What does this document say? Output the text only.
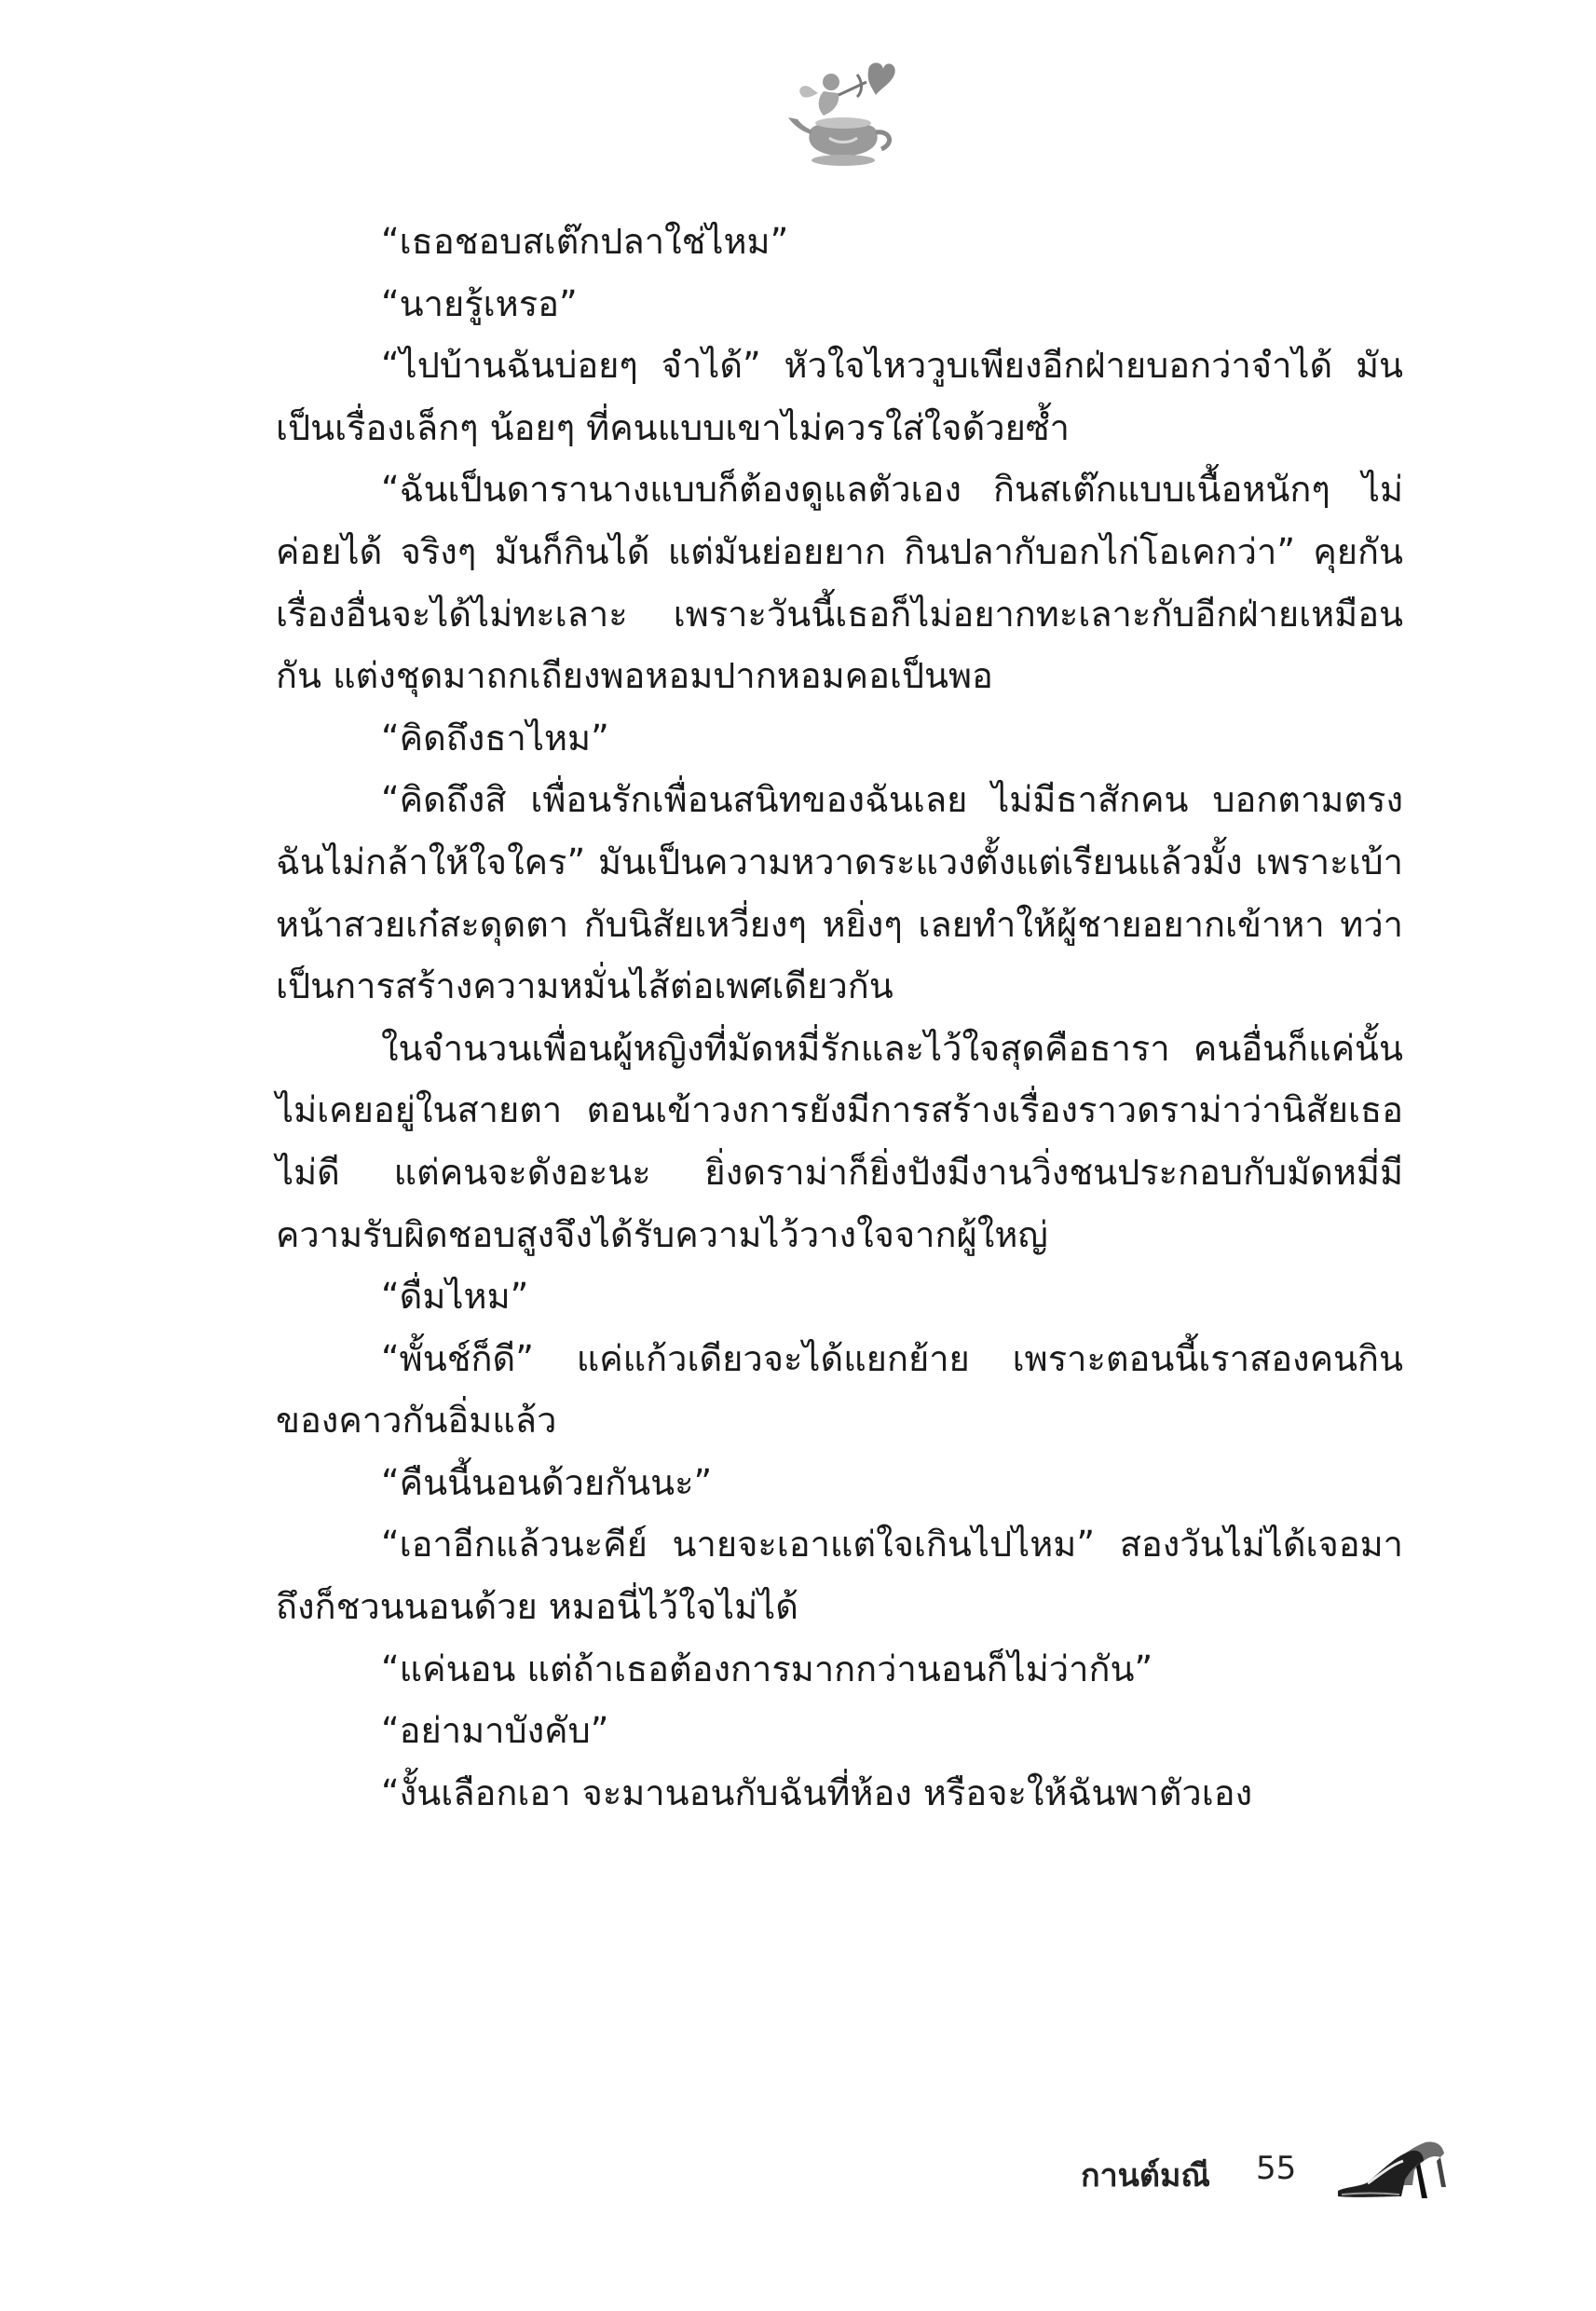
“เธอชอบสเต๊กปลาใช่ไหม”

“นายรู้เหรอ”

“ไปบ้านฉันบ่อยๆ จำได้” หัวใจไหววูบเพียงอีกฝ่ายบอกว่าจำได้ มันเป็นเรื่องเล็กๆ น้อยๆ ที่คนแบบเขาไม่ควรใส่ใจด้วยซ้ำ

“ฉันเป็นดารานางแบบก็ต้องดูแลตัวเอง กินสเต๊กแบบเนื้อหนักๆ ไม่ค่อยได้ จริงๆ มันก็กินได้ แต่มันย่อยยาก กินปลากับอกไก่โอเคกว่า” คุยกันเรื่องอื่นจะได้ไม่ทะเลาะ เพราะวันนี้เธอก็ไม่อยากทะเลาะกับอีกฝ่ายเหมือนกัน แต่งชุดมาถกเถียงพอหอมปากหอมคอเป็นพอ

“คิดถึงธาไหม”

“คิดถึงสิ เพื่อนรักเพื่อนสนิทของฉันเลย ไม่มีธาสักคน บอกตามตรงฉันไม่กล้าให้ใจใคร” มันเป็นความหวาดระแวงตั้งแต่เรียนแล้วมั้ง เพราะเบ้าหน้าสวยเก๋สะดุดตา กับนิสัยเหวี่ยงๆ หยิ่งๆ เลยทำให้ผู้ชายอยากเข้าหา ทว่าเป็นการสร้างความหมั่นไส้ต่อเพศเดียวกัน

ในจำนวนเพื่อนผู้หญิงที่มัดหมี่รักและไว้ใจสุดคือธารา คนอื่นก็แค่นั้นไม่เคยอยู่ในสายตา ตอนเข้าวงการยังมีการสร้างเรื่องราวดราม่าว่านิสัยเธอไม่ดี แต่คนจะดังอะนะ ยิ่งดราม่าก็ยิ่งปังมีงานวิ่งชนประกอบกับมัดหมี่มีความรับผิดชอบสูงจึงได้รับความไว้วางใจจากผู้ใหญ่

“ดื่มไหม”

“พั้นช์ก็ดี” แค่แก้วเดียวจะได้แยกย้าย เพราะตอนนี้เราสองคนกินของคาวกันอิ่มแล้ว

“คืนนี้นอนด้วยกันนะ”

“เอาอีกแล้วนะคีย์ นายจะเอาแต่ใจเกินไปไหม” สองวันไม่ได้เจอมาถึงก็ชวนนอนด้วย หมอนี่ไว้ใจไม่ได้

“แค่นอน แต่ถ้าเธอต้องการมากกว่านอนก็ไม่ว่ากัน”

“อย่ามาบังคับ”

“งั้นเลือกเอา จะมานอนกับฉันที่ห้อง หรือจะให้ฉันพาตัวเอง

กานต์มณี 55
